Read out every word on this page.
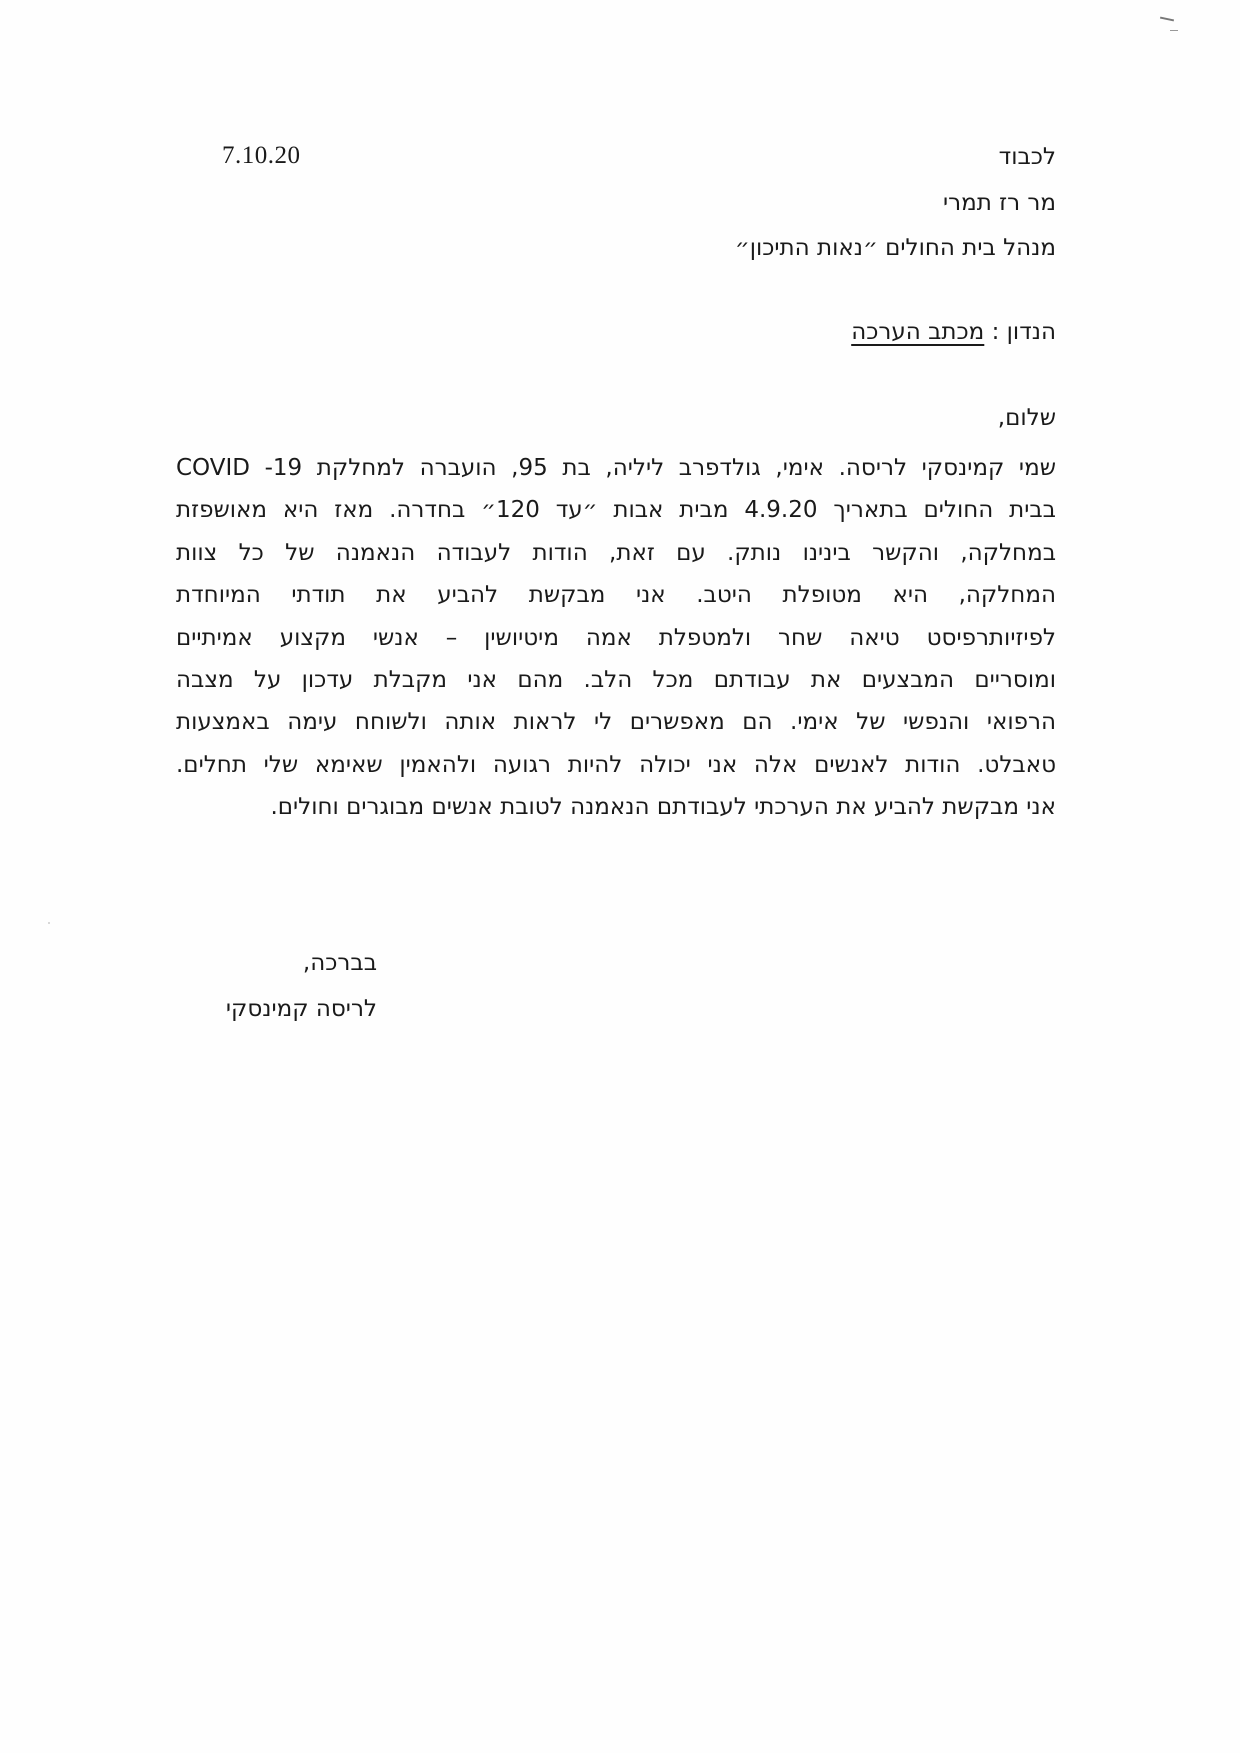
7.10.20	לכבוד
מר רז תמרי
מנהל בית החולים ״נאות התיכון״
הנדון : מכתב הערכה
שלום,
שמי קמינסקי לריסה. אימי, גולדפרב ליליה, בת 95, הועברה למחלקת COVID -19
בבית החולים בתאריך 4.9.20 מבית אבות ״עד 120״ בחדרה. מאז היא מאושפזת
במחלקה, והקשר בינינו נותק. עם זאת, הודות לעבודה הנאמנה של כל צוות
המחלקה, היא מטופלת היטב. אני מבקשת להביע את תודתי המיוחדת
לפיזיותרפיסט טיאה שחר ולמטפלת אמה מיטיושין – אנשי מקצוע אמיתיים
ומוסריים המבצעים את עבודתם מכל הלב. מהם אני מקבלת עדכון על מצבה
הרפואי והנפשי של אימי. הם מאפשרים לי לראות אותה ולשוחח עימה באמצעות
טאבלט. הודות לאנשים אלה אני יכולה להיות רגועה ולהאמין שאימא שלי תחלים.
אני מבקשת להביע את הערכתי לעבודתם הנאמנה לטובת אנשים מבוגרים וחולים.
בברכה,
לריסה קמינסקי
